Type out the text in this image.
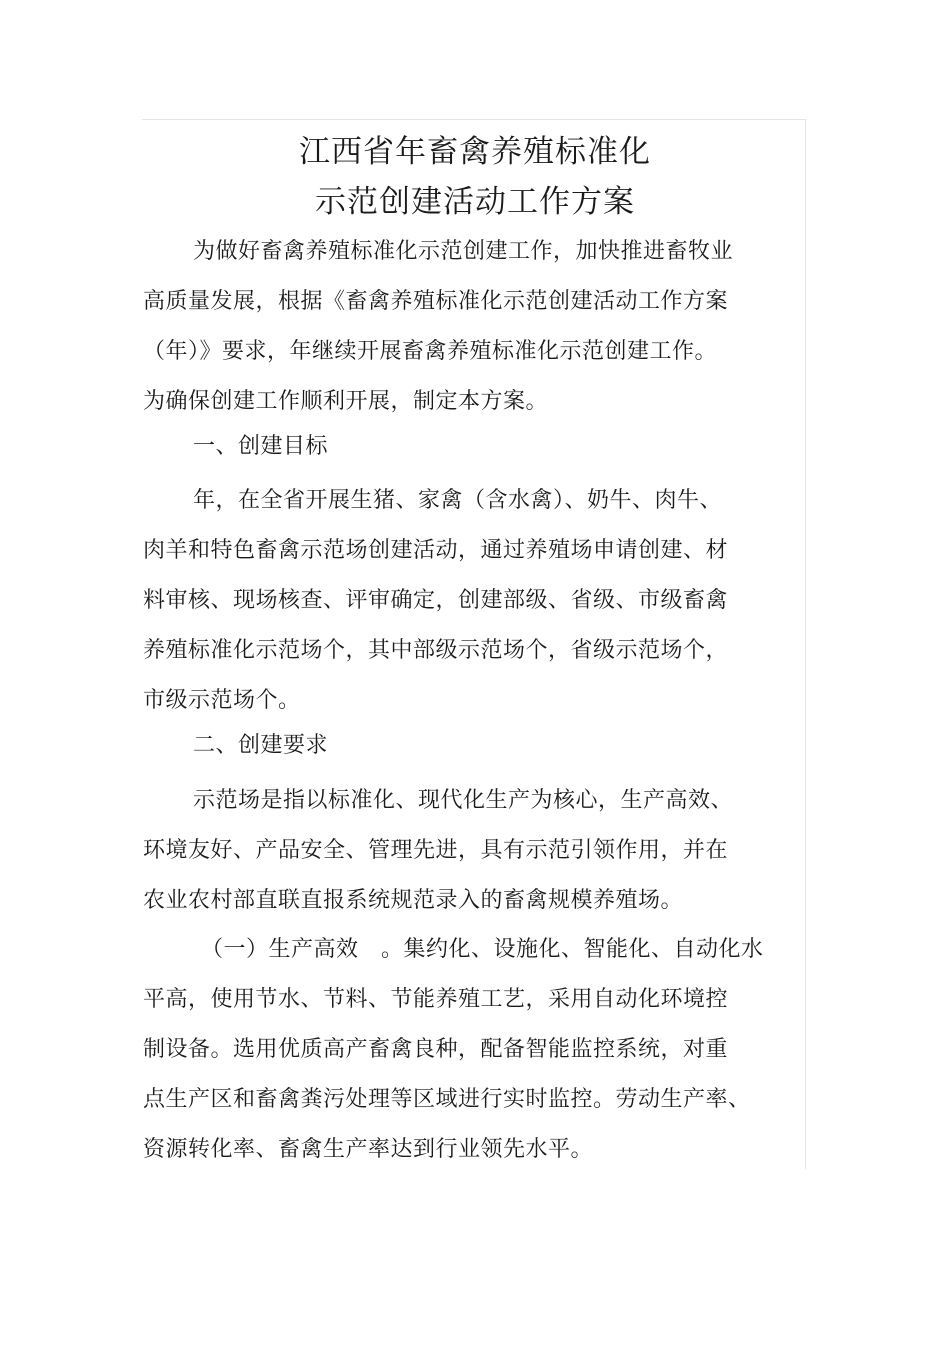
江西省年畜禽养殖标准化
示范创建活动工作方案
为做好畜禽养殖标准化示范创建工作，加快推进畜牧业
高质量发展，根据《畜禽养殖标准化示范创建活动工作方案
（年）》要求，年继续开展畜禽养殖标准化示范创建工作。
为确保创建工作顺利开展，制定本方案。
一、创建目标
年，在全省开展生猪、家禽（含水禽）、奶牛、肉牛、
肉羊和特色畜禽示范场创建活动，通过养殖场申请创建、材
料审核、现场核查、评审确定，创建部级、省级、市级畜禽
养殖标准化示范场个，其中部级示范场个，省级示范场个，
市级示范场个。
二、创建要求
示范场是指以标准化、现代化生产为核心，生产高效、
环境友好、产品安全、管理先进，具有示范引领作用，并在
农业农村部直联直报系统规范录入的畜禽规模养殖场。
（一）生产高效　。集约化、设施化、智能化、自动化水
平高，使用节水、节料、节能养殖工艺，采用自动化环境控
制设备。选用优质高产畜禽良种，配备智能监控系统，对重
点生产区和畜禽粪污处理等区域进行实时监控。劳动生产率、
资源转化率、畜禽生产率达到行业领先水平。
